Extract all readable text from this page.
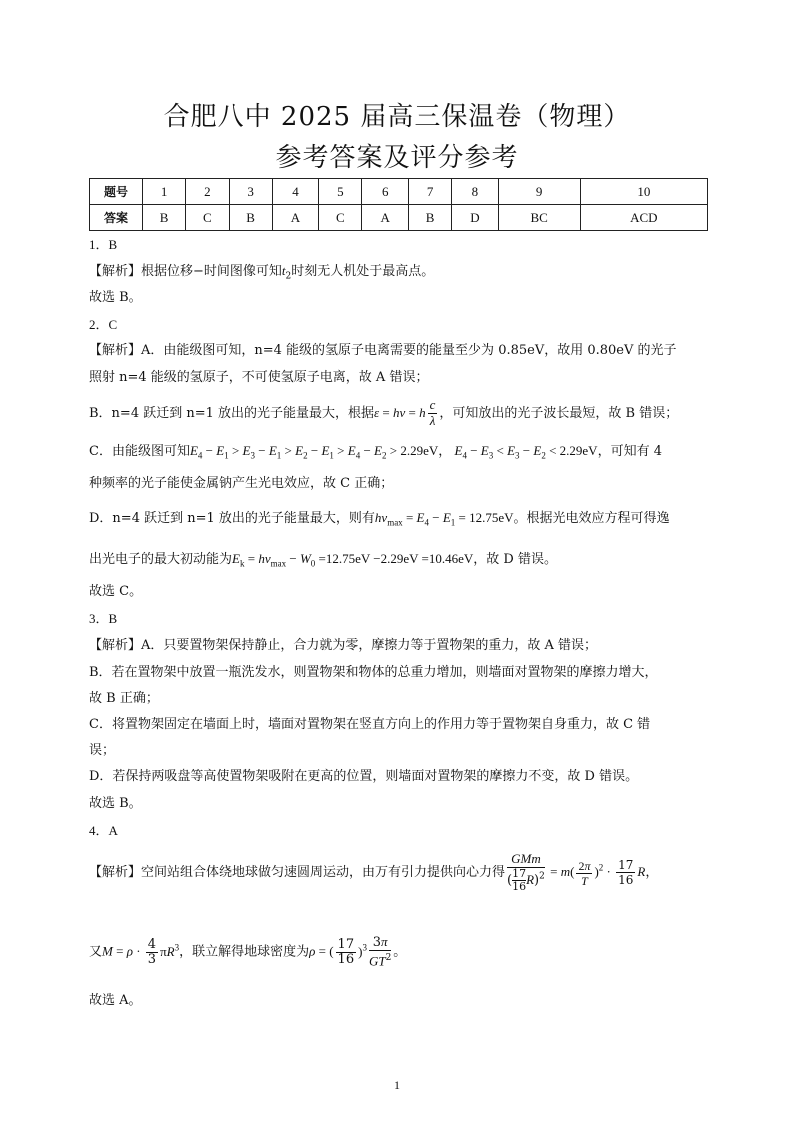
合肥八中 2025 届高三保温卷（物理）
参考答案及评分参考
题号	1	2	3	4	5	6	7	8	9	10
答案	B	C	B	A	C	A	B	D	BC	ACD
1．B
【解析】根据位移−时间图像可知$t_2$时刻无人机处于最高点。
故选 B。
2．C
【解析】A．由能级图可知，n=4 能级的氢原子电离需要的能量至少为 0.85eV，故用 0.80eV 的光子
照射 n=4 能级的氢原子，不可使氢原子电离，故 A 错误；
B．n=4 跃迁到 n=1 放出的光子能量最大，根据ε = hν = h $\frac{c}{\lambda}$ ，可知放出的光子波长最短，故 B 错误；
C．由能级图可知$E_4 - E_1 > E_3 - E_1 > E_2 - E_1 > E_4 - E_2 > 2.29eV$， $E_4 - E_3 < E_3 - E_2 < 2.29eV$，可知有 4
种频率的光子能使金属钠产生光电效应，故 C 正确；
D．n=4 跃迁到 n=1 放出的光子能量最大，则有$h\nu_{max} = E_4 - E_1 = 12.75eV$。根据光电效应方程可得逸
出光电子的最大初动能为$E_k = h\nu_{max} - W_0 =12.75eV -2.29eV =10.46eV$，故 D 错误。
故选 C。
3．B
【解析】A．只要置物架保持静止，合力就为零，摩擦力等于置物架的重力，故 A 错误；
B．若在置物架中放置一瓶洗发水，则置物架和物体的总重力增加，则墙面对置物架的摩擦力增大，
故 B 正确；
C．将置物架固定在墙面上时，墙面对置物架在竖直方向上的作用力等于置物架自身重力，故 C 错
误；
D．若保持两吸盘等高使置物架吸附在更高的位置，则墙面对置物架的摩擦力不变，故 D 错误。
故选 B。
4．A
【解析】空间站组合体绕地球做匀速圆周运动，由万有引力提供向心力得 $\frac{\text{GMm}}{( \frac{17}{16} R)^2} = m( \frac{2\pi}{T} )^2 \cdot \frac{17}{16}$ R，
又$M = \rho \cdot \frac{4}{3} \pi R^3$，联立解得地球密度为ρ = ( $\frac{17}{16} )^3 \frac{3\pi}{GT^2}$ 。
故选 A。
1
